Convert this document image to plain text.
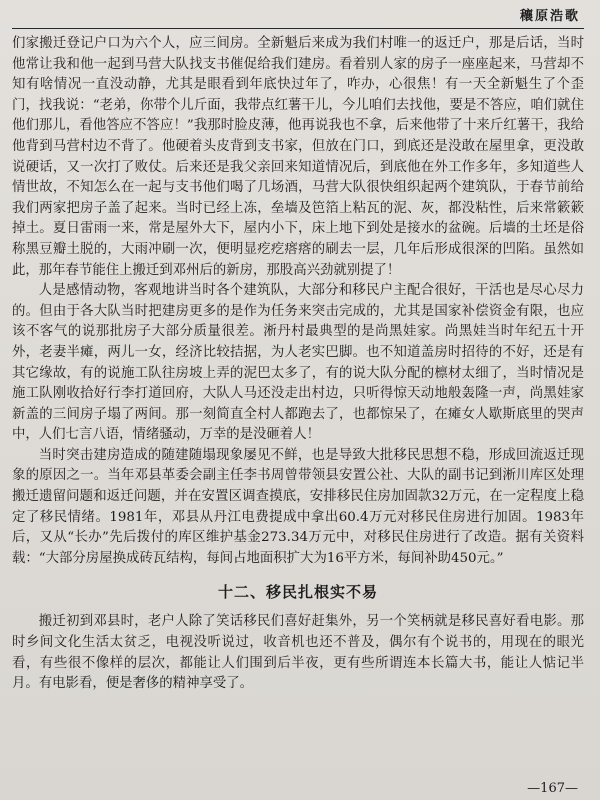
穰原浩歌

们家搬迁登记户口为六个人，应三间房。全新魁后来成为我们村唯一的返迁户，那是后话，当时他常让我和他一起到马营大队找支书催促给我们建房。看着别人家的房子一座座起来，马营却不知有啥情况一直没动静，尤其是眼看到年底快过年了，咋办，心很焦！有一天全新魁生了个歪门，找我说：“老弟，你带个儿斤面，我带点红薯干儿，今儿咱们去找他，要是不答应，咱们就住他们那儿，看他答应不答应！”我那时脸皮薄，他再说我也不拿，后来他带了十来斤红薯干，我给他背到马营村边不背了。他硬着头皮背到支书家，但放在门口，到底还是没敢在屋里拿，更没敢说硬话，又一次打了败仗。后来还是我父亲回来知道情况后，到底他在外工作多年，多知道些人情世故，不知怎么在一起与支书他们喝了几场酒，马营大队很快组织起两个建筑队，于春节前给我们两家把房子盖了起来。当时已经上冻，垒墙及笆箔上粘瓦的泥、灰，都没粘性，后来常簌簌掉土。夏日雷雨一来，常是屋外大下，屋内小下，床上地下到处是接水的盆碗。后墙的土坯是俗称黑豆瓣土脱的，大雨冲刷一次，便明显疙疙瘩瘩的刷去一层，几年后形成很深的凹陷。虽然如此，那年春节能住上搬迁到邓州后的新房，那股高兴劲就别提了！

人是感情动物，客观地讲当时各个建筑队，大部分和移民户主配合很好，干活也是尽心尽力的。但由于各大队当时把建房更多的是作为任务来突击完成的，尤其是国家补偿资金有限，也应该不客气的说那批房子大部分质量很差。淅丹村最典型的是尚黑娃家。尚黑娃当时年纪五十开外，老妻半瘫，两儿一女，经济比较拮据，为人老实巴脚。也不知道盖房时招待的不好，还是有其它缘故，有的说施工队往房坡上弄的泥巴太多了，有的说大队分配的檩材太细了，当时情况是施工队刚收拾好行李打道回府，大队人马还没走出村边，只听得惊天动地般轰隆一声，尚黑娃家新盖的三间房子塌了两间。那一刻简直全村人都跑去了，也都惊呆了，在瘫女人歇斯底里的哭声中，人们七言八语，情绪骚动，万幸的是没砸着人！

当时突击建房造成的随建随塌现象屡见不鲜，也是导致大批移民思想不稳，形成回流返迁现象的原因之一。当年邓县革委会副主任李书周曾带领县安置公社、大队的副书记到淅川库区处理搬迁遗留问题和返迁问题，并在安置区调查摸底，安排移民住房加固款32万元，在一定程度上稳定了移民情绪。1981年，邓县从丹江电费提成中拿出60.4万元对移民住房进行加固。1983年后，又从“长办”先后拨付的库区维护基金273.34万元中，对移民住房进行了改造。据有关资料载：“大部分房屋换成砖瓦结构，每间占地面积扩大为16平方米，每间补助450元。”

十二、移民扎根实不易

搬迁初到邓县时，老户人除了笑话移民们喜好赶集外，另一个笑柄就是移民喜好看电影。那时乡间文化生活太贫乏，电视没听说过，收音机也还不普及，偶尔有个说书的，用现在的眼光看，有些很不像样的层次，都能让人们围到后半夜，更有些所谓连本长篇大书，能让人惦记半月。有电影看，便是奢侈的精神享受了。

—167—
